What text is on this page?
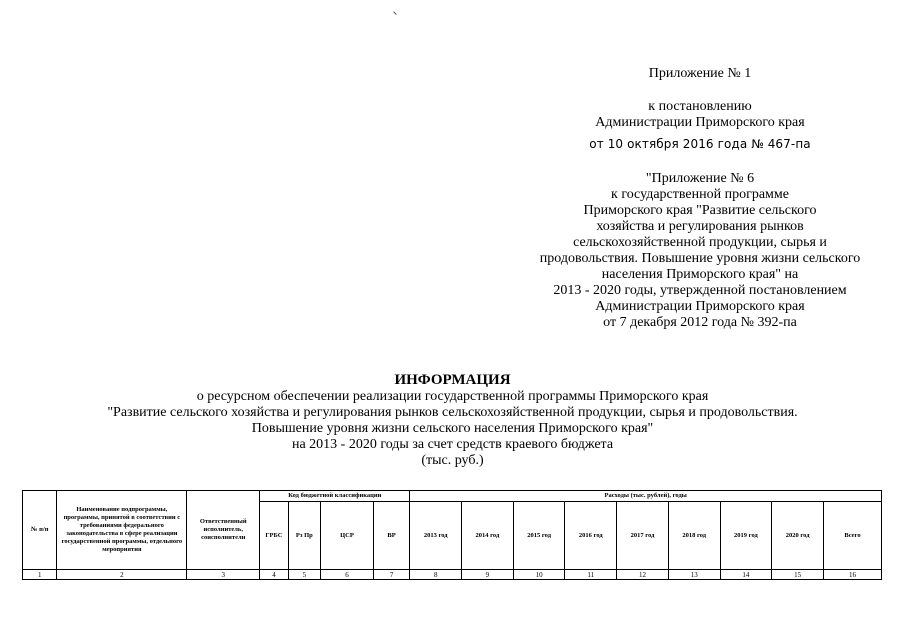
Приложение № 1

к постановлению

Администрации Приморского края

от 10 октября 2016 года № 467-па

"Приложение № 6

к государственной программе

Приморского края "Развитие сельского

хозяйства и регулирования рынков

сельскохозяйственной продукции, сырья и

продовольствия. Повышение уровня жизни сельского

населения Приморского края" на

2013 - 2020 годы, утвержденной постановлением

Администрации Приморского края

от 7 декабря 2012 года № 392-па

ИНФОРМАЦИЯ

о ресурсном обеспечении реализации государственной программы Приморского края

"Развитие сельского хозяйства и регулирования рынков сельскохозяйственной продукции, сырья и продовольствия.

Повышение уровня жизни сельского населения Приморского края"

на 2013 - 2020 годы за счет средств краевого бюджета

(тыс. руб.)

№ п/п	Наименование подпрограммы, программы, принятой в соответствии с требованиями федерального законодательства в сфере реализации государственной программы, отдельного мероприятия	Ответственный исполнитель, соисполнители	Код бюджетной классификации				Расходы (тыс. рублей), годы								
			ГРБС	Рз Пр	ЦСР	ВР	2013 год	2014 год	2015 год	2016 год	2017 год	2018 год	2019 год	2020 год	Всего
1	2	3	4	5	6	7	8	9	10	11	12	13	14	15	16
